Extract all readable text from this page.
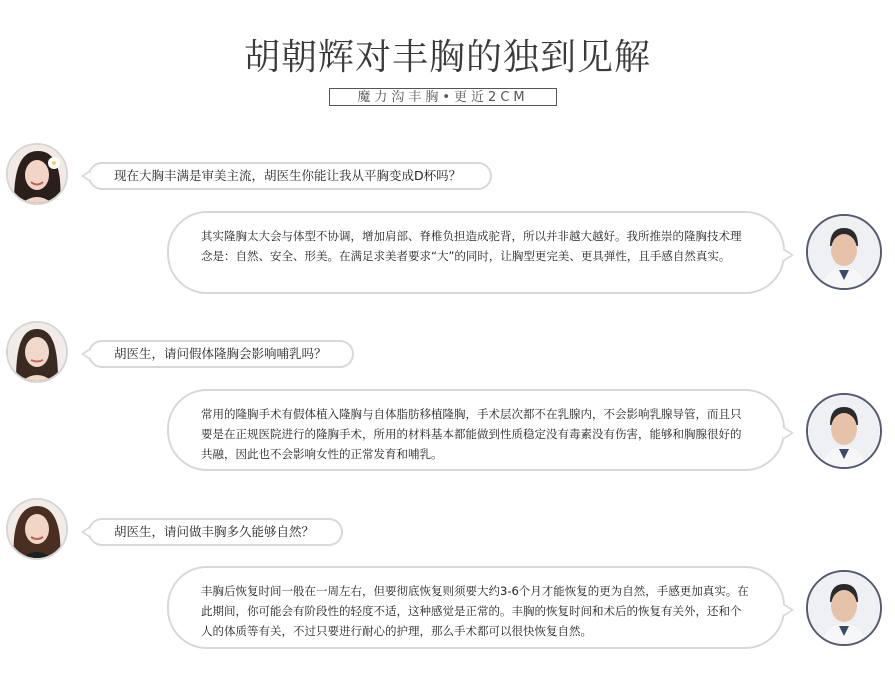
胡朝辉对丰胸的独到见解
魔力沟丰胸•更近2CM
现在大胸丰满是审美主流，胡医生你能让我从平胸变成D杯吗？
其实隆胸太大会与体型不协调，增加肩部、脊椎负担造成驼背，所以并非越大越好。我所推崇的隆胸技术理念是：自然、安全、形美。在满足求美者要求“大”的同时，让胸型更完美、更具弹性，且手感自然真实。
胡医生，请问假体隆胸会影响哺乳吗？
常用的隆胸手术有假体植入隆胸与自体脂肪移植隆胸，手术层次都不在乳腺内，不会影响乳腺导管，而且只要是在正规医院进行的隆胸手术，所用的材料基本都能做到性质稳定没有毒素没有伤害，能够和胸腺很好的共融，因此也不会影响女性的正常发育和哺乳。
胡医生，请问做丰胸多久能够自然？
丰胸后恢复时间一般在一周左右，但要彻底恢复则须要大约3-6个月才能恢复的更为自然，手感更加真实。在此期间，你可能会有阶段性的轻度不适，这种感觉是正常的。丰胸的恢复时间和术后的恢复有关外，还和个人的体质等有关，不过只要进行耐心的护理，那么手术都可以很快恢复自然。
